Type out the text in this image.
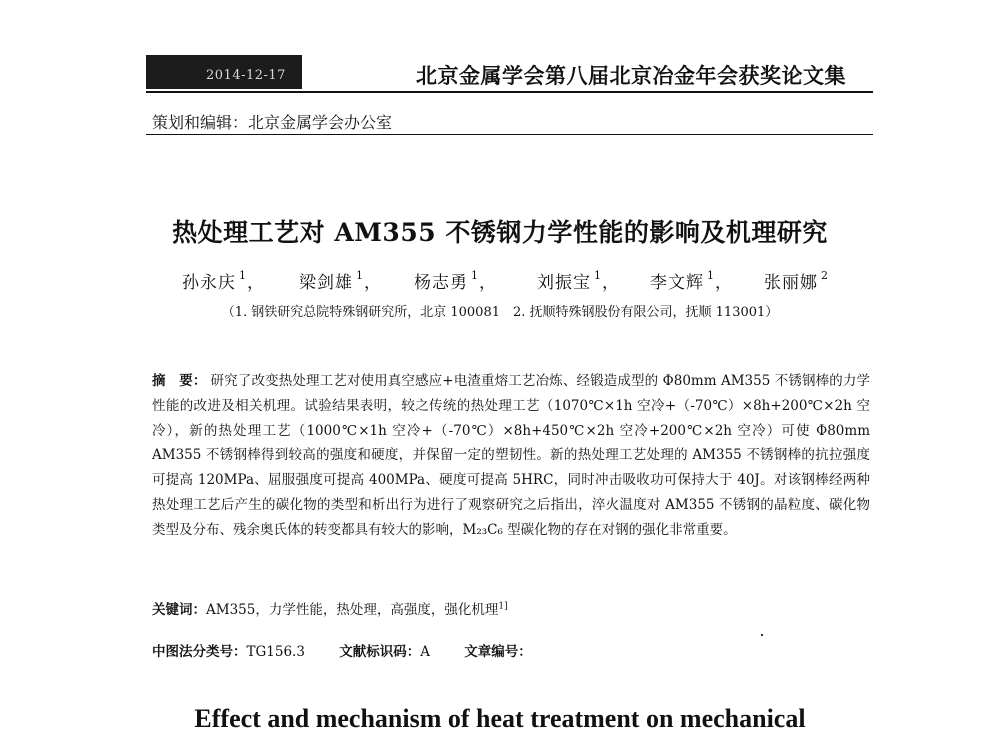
2014-12-17	北京金属学会第八届北京冶金年会获奖论文集
策划和编辑：北京金属学会办公室
热处理工艺对 AM355 不锈钢力学性能的影响及机理研究
孙永庆 $^1$， 梁剑雄 $^1$， 杨志勇 $^1$， 刘振宝 $^1$， 李文辉 $^1$， 张丽娜 $^2$
（1. 钢铁研究总院特殊钢研究所，北京 100081　2. 抚顺特殊钢股份有限公司，抚顺 113001）
摘　要： 研究了改变热处理工艺对使用真空感应+电渣重熔工艺冶炼、经锻造成型的 Φ80mm AM355 不锈钢棒的力学性能的改进及相关机理。试验结果表明，较之传统的热处理工艺（1070℃×1h 空冷+（-70℃）×8h+200℃×2h 空冷），新的热处理工艺（1000℃×1h 空冷+（-70℃）×8h+450℃×2h 空冷+200℃×2h 空冷）可使 Φ80mm AM355 不锈钢棒得到较高的强度和硬度，并保留一定的塑韧性。新的热处理工艺处理的 AM355 不锈钢棒的抗拉强度可提高 120MPa、屈服强度可提高 400MPa、硬度可提高 5HRC，同时冲击吸收功可保持大于 40J。对该钢棒经两种热处理工艺后产生的碳化物的类型和析出行为进行了观察研究之后指出，淬火温度对 AM355 不锈钢的晶粒度、碳化物类型及分布、残余奥氏体的转变都具有较大的影响，M₂₃C₆ 型碳化物的存在对钢的强化非常重要。
关键词：AM355，力学性能，热处理，高强度，强化机理$^{1]}$
中图法分类号：TG156.3	文献标识码：A	文章编号：
Effect and mechanism of heat treatment on mechanical
